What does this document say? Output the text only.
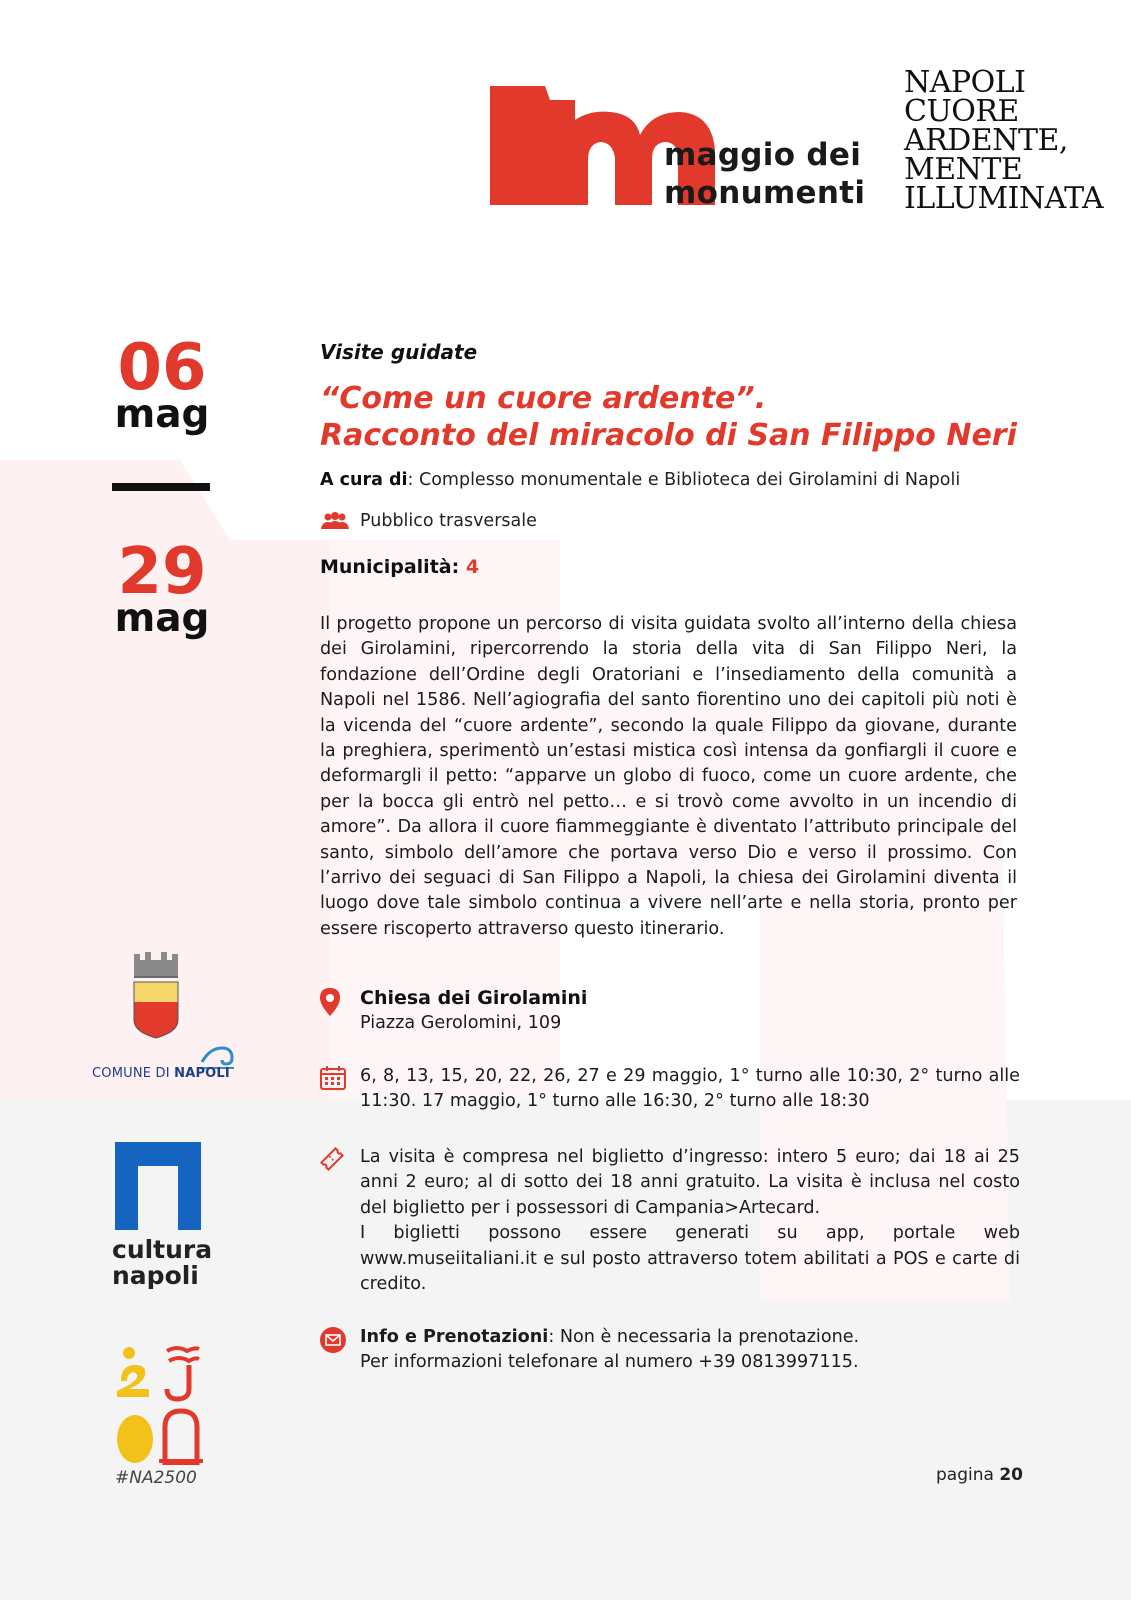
maggio dei
monumenti
NAPOLI
CUORE
ARDENTE,
MENTE
ILLUMINATA
06
mag
29
mag
Visite guidate
“Come un cuore ardente”.
Racconto del miracolo di San Filippo Neri
A cura di: Complesso monumentale e Biblioteca dei Girolamini di Napoli
Pubblico trasversale
Municipalità: 4
Il progetto propone un percorso di visita guidata svolto all’interno della chiesa dei Girolamini, ripercorrendo la storia della vita di San Filippo Neri, la fondazione dell’Ordine degli Oratoriani e l’insediamento della comunità a Napoli nel 1586. Nell’agiografia del santo fiorentino uno dei capitoli più noti è la vicenda del “cuore ardente”, secondo la quale Filippo da giovane, durante la preghiera, sperimentò un’estasi mistica così intensa da gonfiargli il cuore e deformargli il petto: “apparve un globo di fuoco, come un cuore ardente, che per la bocca gli entrò nel petto… e si trovò come avvolto in un incendio di amore”. Da allora il cuore fiammeggiante è diventato l’attributo principale del santo, simbolo dell’amore che portava verso Dio e verso il prossimo. Con l’arrivo dei seguaci di San Filippo a Napoli, la chiesa dei Girolamini diventa il luogo dove tale simbolo continua a vivere nell’arte e nella storia, pronto per essere riscoperto attraverso questo itinerario.
Chiesa dei Girolamini
Piazza Gerolomini, 109
6, 8, 13, 15, 20, 22, 26, 27 e 29 maggio, 1° turno alle 10:30, 2° turno alle 11:30. 17 maggio, 1° turno alle 16:30, 2° turno alle 18:30
La visita è compresa nel biglietto d’ingresso: intero 5 euro; dai 18 ai 25 anni 2 euro; al di sotto dei 18 anni gratuito. La visita è inclusa nel costo del biglietto per i possessori di Campania>Artecard.
I biglietti possono essere generati su app, portale web www.museiitaliani.it e sul posto attraverso totem abilitati a POS e carte di credito.
Info e Prenotazioni: Non è necessaria la prenotazione.
Per informazioni telefonare al numero +39 0813997115.
COMUNE DI NAPOLI
cultura
napoli
#NA2500	pagina 20
